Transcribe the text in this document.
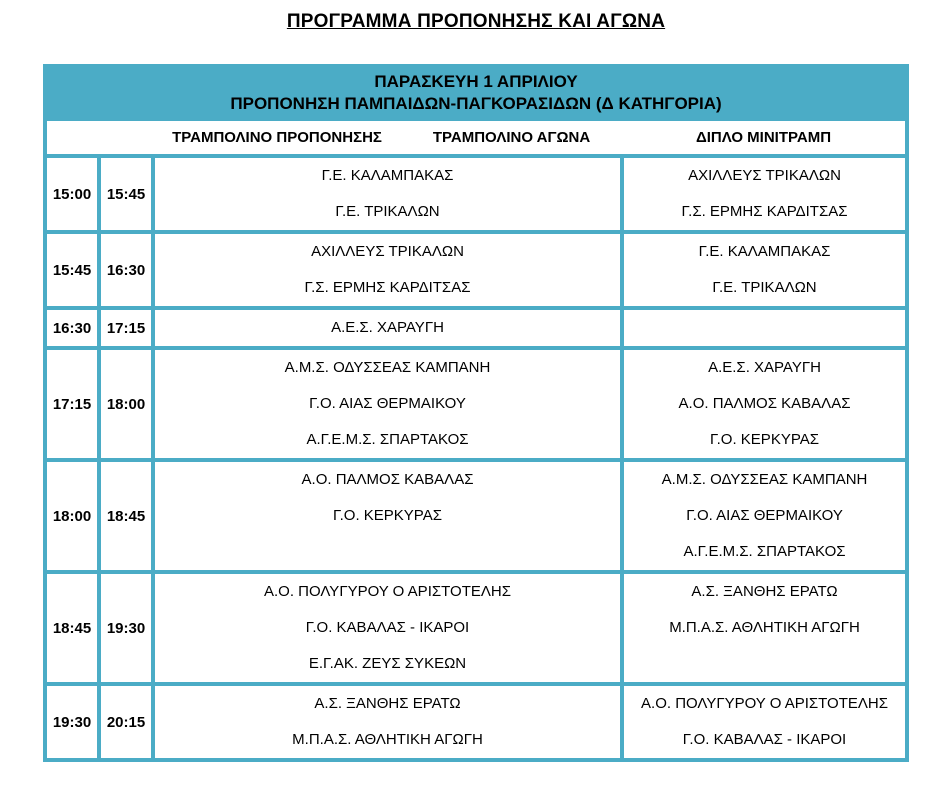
ΠΡΟΓΡΑΜΜΑ ΠΡΟΠΟΝΗΣΗΣ ΚΑΙ ΑΓΩΝΑ
ΠΑΡΑΣΚΕΥΗ 1 ΑΠΡΙΛΙΟΥ
ΠΡΟΠΟΝΗΣΗ ΠΑΜΠΑΙΔΩΝ-ΠΑΓΚΟΡΑΣΙΔΩΝ (Δ ΚΑΤΗΓΟΡΙΑ)				

		ΤΡΑΜΠΟΛΙΝΟ ΠΡΟΠΟΝΗΣΗΣ	ΤΡΑΜΠΟΛΙΝΟ ΑΓΩΝΑ	ΔΙΠΛΟ ΜΙΝΙΤΡΑΜΠ
15:00	15:45	
Γ.Ε. ΚΑΛΑΜΠΑΚΑΣ
Γ.Ε. ΤΡΙΚΑΛΩΝ

ΑΧΙΛΛΕΥΣ ΤΡΙΚΑΛΩΝ
Γ.Σ. ΕΡΜΗΣ ΚΑΡΔΙΤΣΑΣ

15:45	16:30	
ΑΧΙΛΛΕΥΣ ΤΡΙΚΑΛΩΝ
Γ.Σ. ΕΡΜΗΣ ΚΑΡΔΙΤΣΑΣ

Γ.Ε. ΚΑΛΑΜΠΑΚΑΣ
Γ.Ε. ΤΡΙΚΑΛΩΝ

16:30	17:15	Α.Ε.Σ. ΧΑΡΑΥΓΗ		

17:15	18:00	
Α.Μ.Σ. ΟΔΥΣΣΕΑΣ ΚΑΜΠΑΝΗ
Γ.Ο. ΑΙΑΣ ΘΕΡΜΑΙΚΟΥ
Α.Γ.Ε.Μ.Σ. ΣΠΑΡΤΑΚΟΣ

Α.Ε.Σ. ΧΑΡΑΥΓΗ
Α.Ο. ΠΑΛΜΟΣ ΚΑΒΑΛΑΣ
Γ.Ο. ΚΕΡΚΥΡΑΣ

18:00	18:45	
Α.Ο. ΠΑΛΜΟΣ ΚΑΒΑΛΑΣ
Γ.Ο. ΚΕΡΚΥΡΑΣ

Α.Μ.Σ. ΟΔΥΣΣΕΑΣ ΚΑΜΠΑΝΗ
Γ.Ο. ΑΙΑΣ ΘΕΡΜΑΙΚΟΥ
Α.Γ.Ε.Μ.Σ. ΣΠΑΡΤΑΚΟΣ

18:45	19:30	
Α.Ο. ΠΟΛΥΓΥΡΟΥ Ο ΑΡΙΣΤΟΤΕΛΗΣ
Γ.Ο. ΚΑΒΑΛΑΣ - ΙΚΑΡΟΙ
Ε.Γ.ΑΚ. ΖΕΥΣ ΣΥΚΕΩΝ

Α.Σ. ΞΑΝΘΗΣ ΕΡΑΤΩ
Μ.Π.Α.Σ. ΑΘΛΗΤΙΚΗ ΑΓΩΓΗ

19:30	20:15	
Α.Σ. ΞΑΝΘΗΣ ΕΡΑΤΩ
Μ.Π.Α.Σ. ΑΘΛΗΤΙΚΗ ΑΓΩΓΗ

Α.Ο. ΠΟΛΥΓΥΡΟΥ Ο ΑΡΙΣΤΟΤΕΛΗΣ
Γ.Ο. ΚΑΒΑΛΑΣ - ΙΚΑΡΟΙ
